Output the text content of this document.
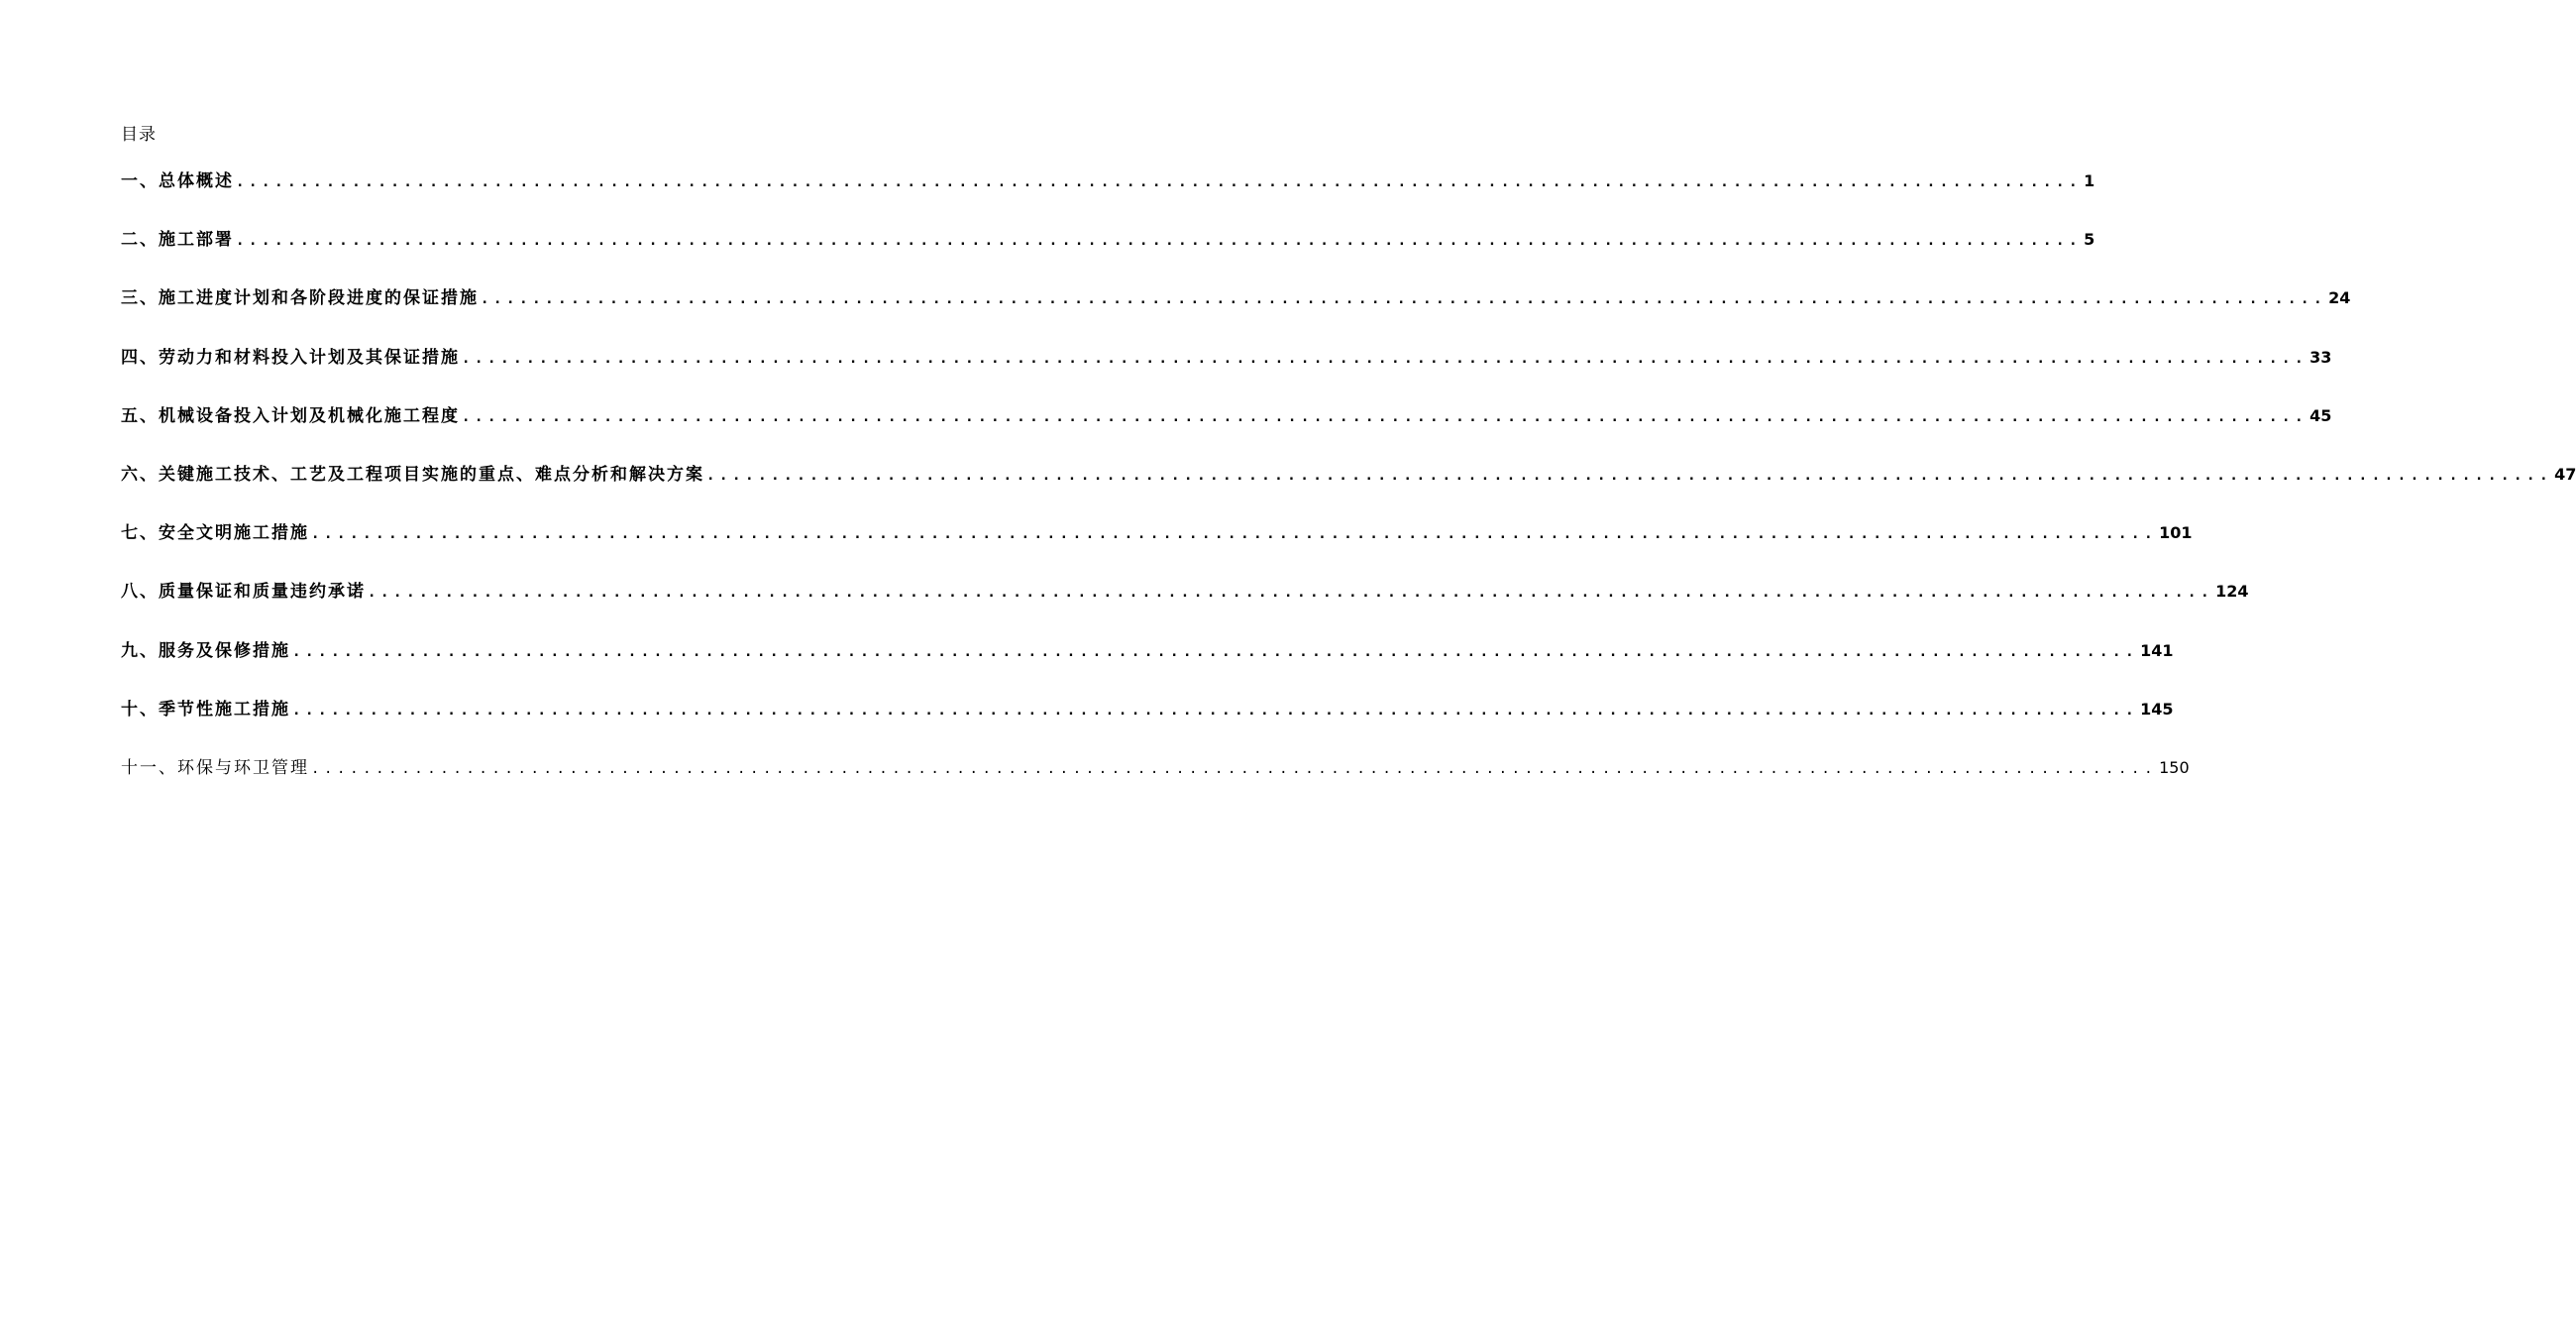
目录
一、总体概述 ............................................................................................................................................... 1
二、施工部署 ............................................................................................................................................... 5
三、施工进度计划和各阶段进度的保证措施 ............................................................................................................................................... 24
四、劳动力和材料投入计划及其保证措施 ............................................................................................................................................... 33
五、机械设备投入计划及机械化施工程度 ............................................................................................................................................... 45
六、关键施工技术、工艺及工程项目实施的重点、难点分析和解决方案 ............................................................................................................................................... 47
七、安全文明施工措施 ............................................................................................................................................... 101
八、质量保证和质量违约承诺 ............................................................................................................................................... 124
九、服务及保修措施 ............................................................................................................................................... 141
十、季节性施工措施 ............................................................................................................................................... 145
十一、环保与环卫管理 ............................................................................................................................................... 150
